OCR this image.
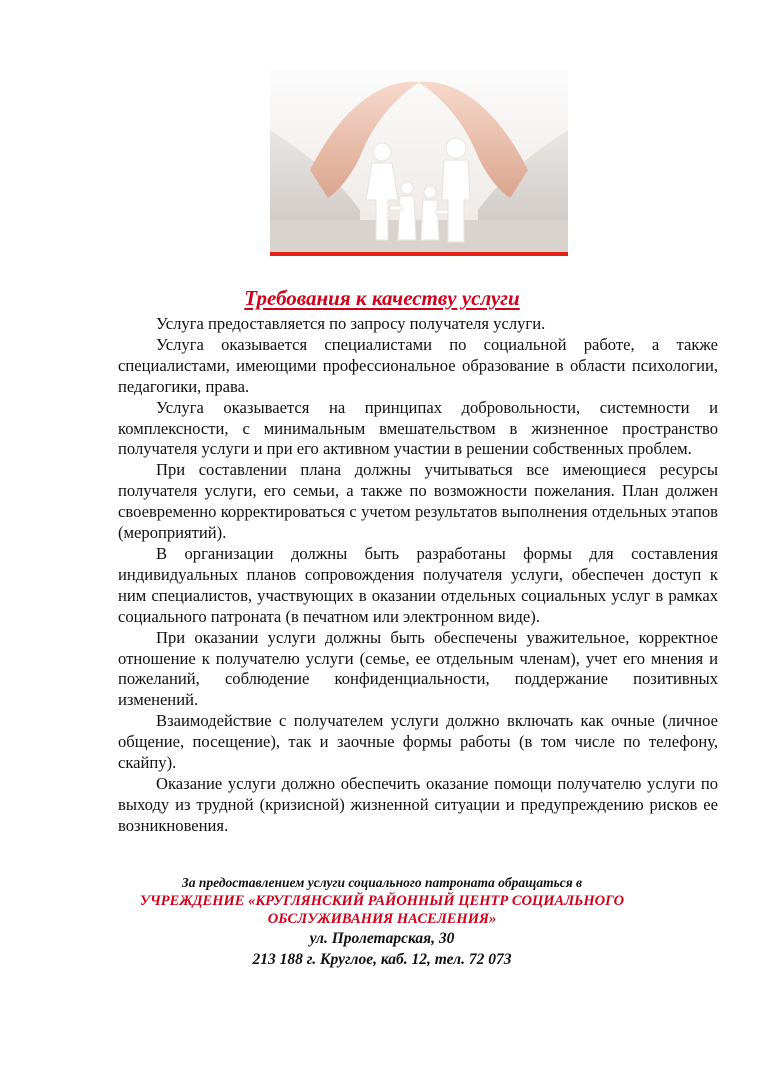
Требования к качеству услуги

Услуга предоставляется по запросу получателя услуги.

Услуга оказывается специалистами по социальной работе, а также специалистами, имеющими профессиональное образование в области психологии, педагогики, права.

Услуга оказывается на принципах добровольности, системности и комплексности, с минимальным вмешательством в жизненное пространство получателя услуги и при его активном участии в решении собственных проблем.

При составлении плана должны учитываться все имеющиеся ресурсы получателя услуги, его семьи, а также по возможности пожелания. План должен своевременно корректироваться с учетом результатов выполнения отдельных этапов (мероприятий).

В организации должны быть разработаны формы для составления индивидуальных планов сопровождения получателя услуги, обеспечен доступ к ним специалистов, участвующих в оказании отдельных социальных услуг в рамках социального патроната (в печатном или электронном виде).

При оказании услуги должны быть обеспечены уважительное, корректное отношение к получателю услуги (семье, ее отдельным членам), учет его мнения и пожеланий, соблюдение конфиденциальности, поддержание позитивных изменений.

Взаимодействие с получателем услуги должно включать как очные (личное общение, посещение), так и заочные формы работы (в том числе по телефону, скайпу).

Оказание услуги должно обеспечить оказание помощи получателю услуги по выходу из трудной (кризисной) жизненной ситуации и предупреждению рисков ее возникновения.

За предоставлением услуги социального патроната обращаться в
УЧРЕЖДЕНИЕ «КРУГЛЯНСКИЙ РАЙОННЫЙ ЦЕНТР СОЦИАЛЬНОГО
ОБСЛУЖИВАНИЯ НАСЕЛЕНИЯ»
ул. Пролетарская, 30
213 188 г. Круглое, каб. 12, тел. 72 073
